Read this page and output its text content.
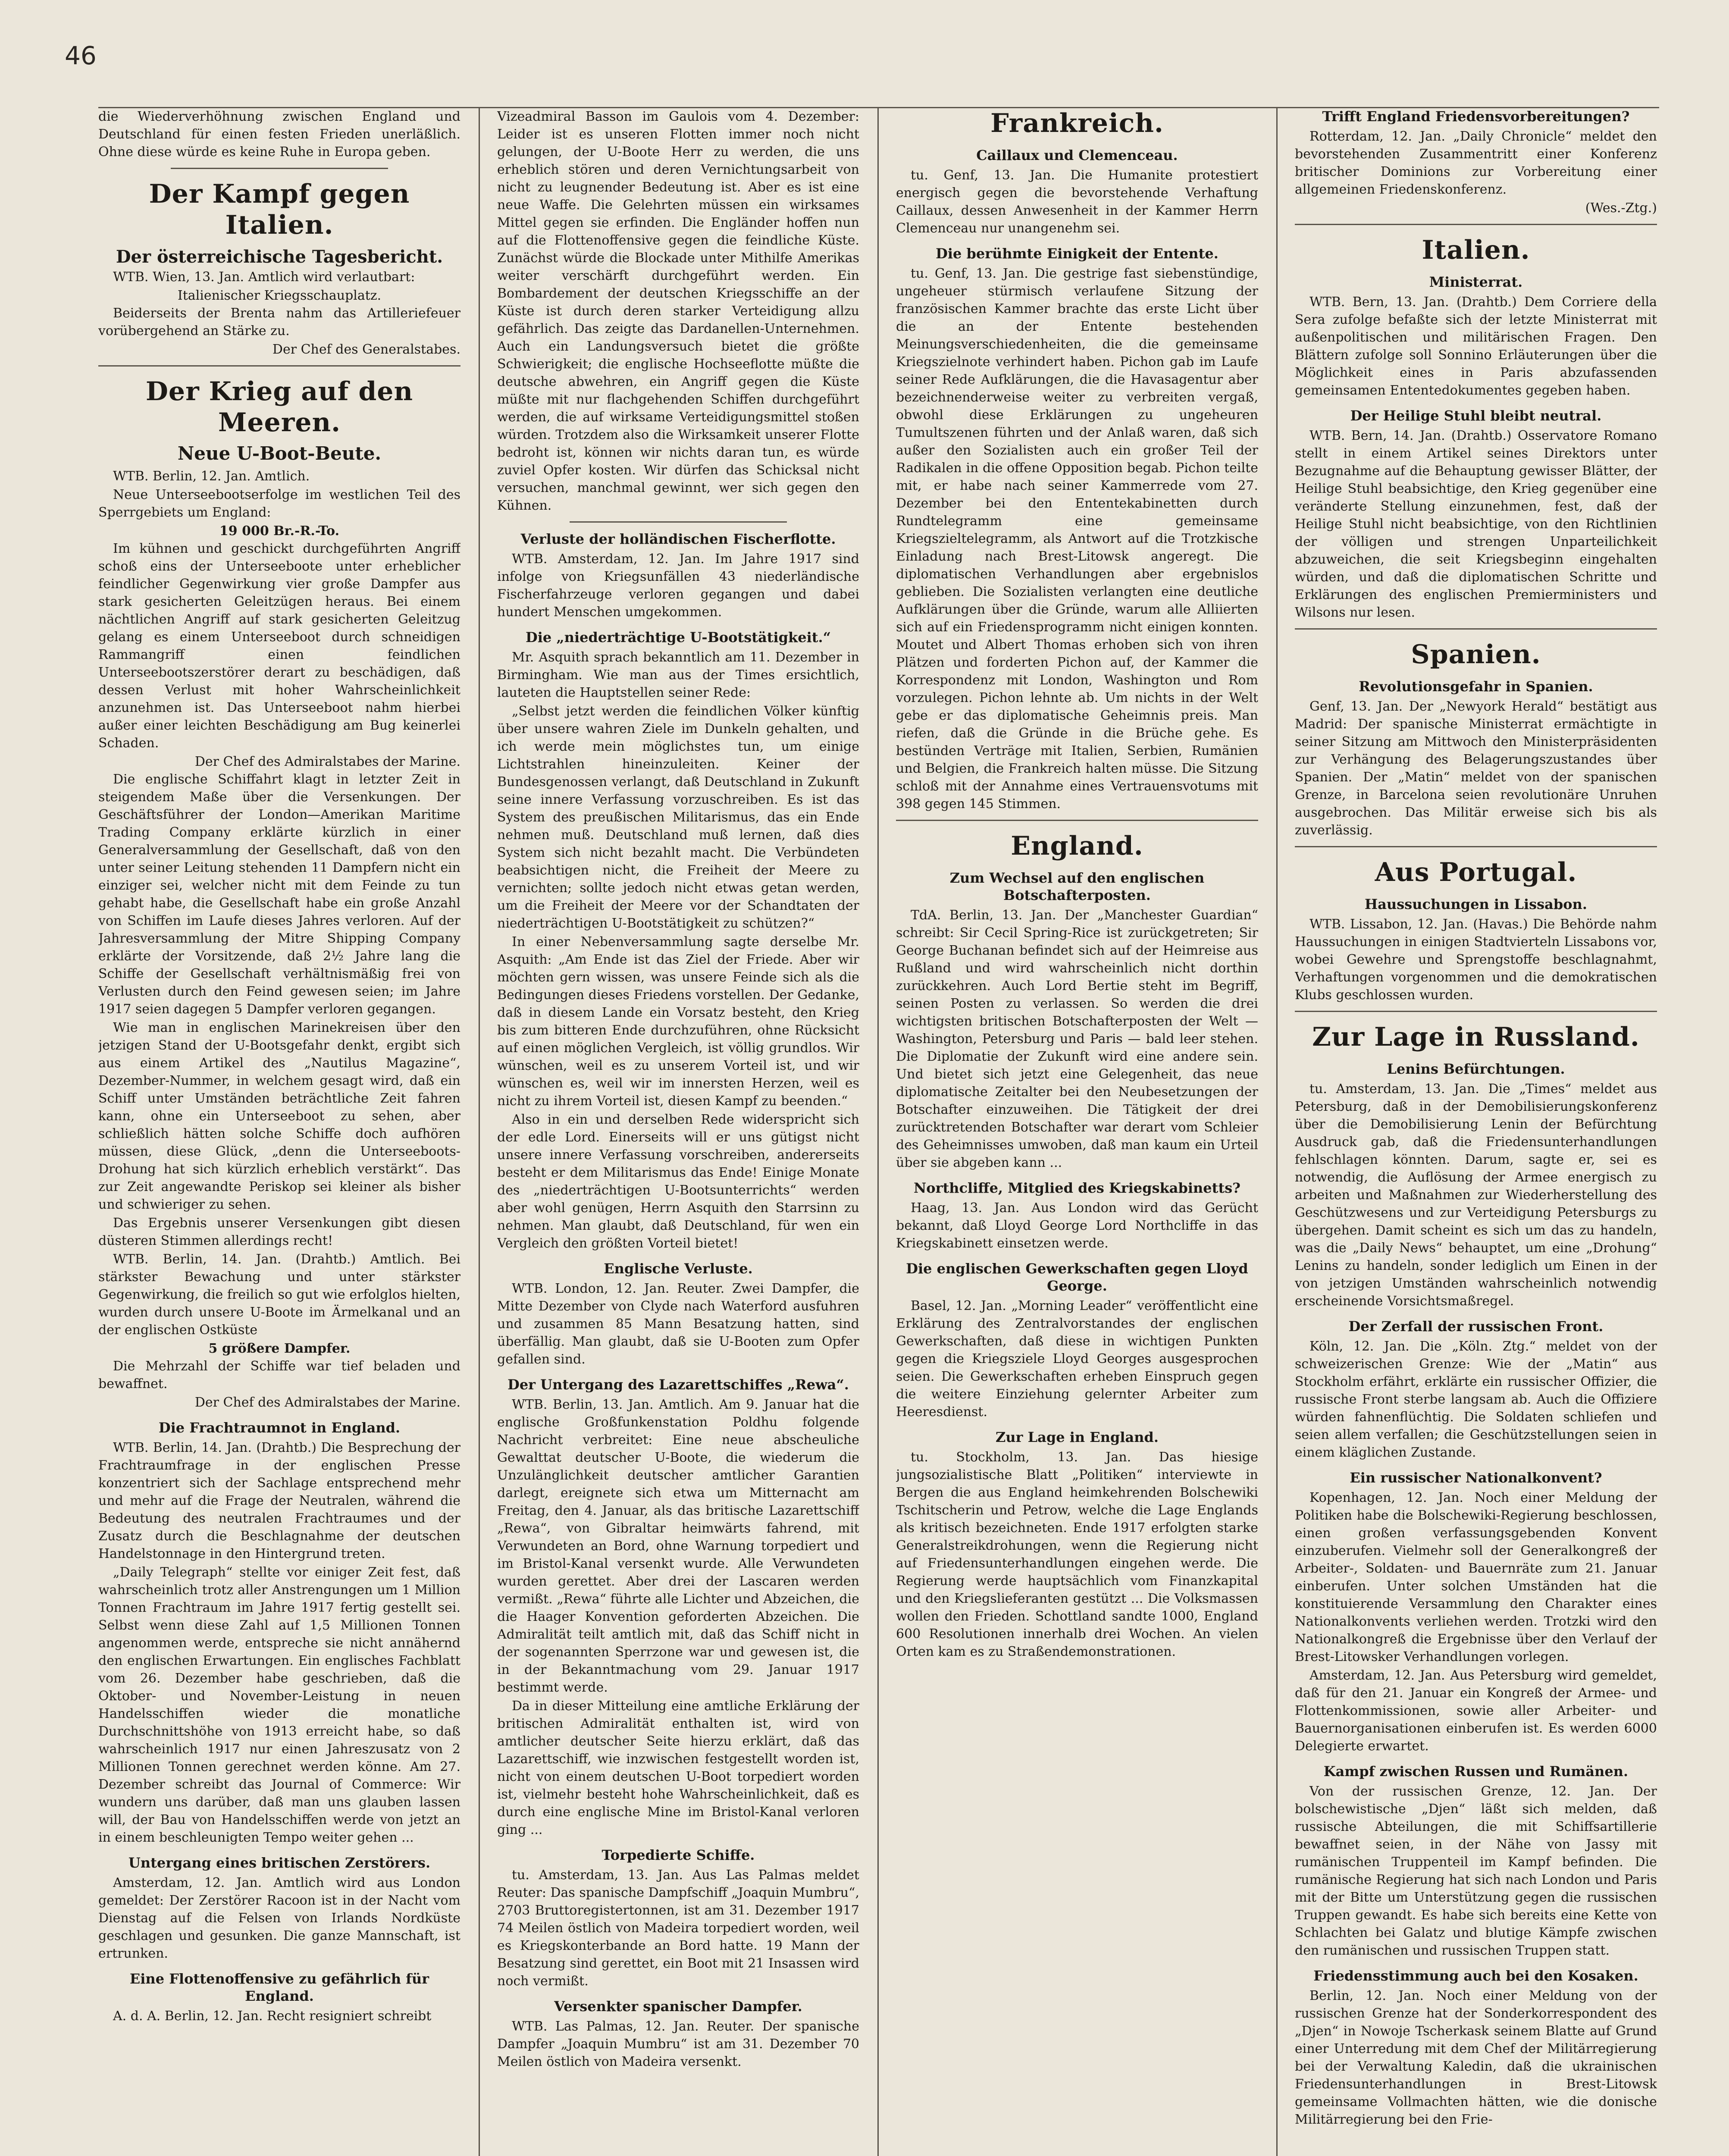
46

die Wiederverhöhnung zwischen England und Deutschland für einen festen Frieden unerläßlich. Ohne diese würde es keine Ruhe in Europa geben.

Der Kampf gegen Italien.
Der österreichische Tagesbericht.

WTB. Wien, 13. Jan. Amtlich wird verlautbart:

Italienischer Kriegsschauplatz.

Beiderseits der Brenta nahm das Artilleriefeuer vorübergehend an Stärke zu.

Der Chef des Generalstabes.
Der Krieg auf den Meeren.
Neue U-Boot-Beute.

WTB. Berlin, 12. Jan. Amtlich.

Neue Unterseebootserfolge im westlichen Teil des Sperrgebiets um England:

19 000 Br.-R.-To.

Im kühnen und geschickt durchgeführten Angriff schoß eins der Unterseeboote unter erheblicher feindlicher Gegenwirkung vier große Dampfer aus stark gesicherten Geleitzügen heraus. Bei einem nächtlichen Angriff auf stark gesicherten Geleitzug gelang es einem Unterseeboot durch schneidigen Rammangriff einen feindlichen Unterseebootszerstörer derart zu beschädigen, daß dessen Verlust mit hoher Wahrscheinlichkeit anzunehmen ist. Das Unterseeboot nahm hierbei außer einer leichten Beschädigung am Bug keinerlei Schaden.

Der Chef des Admiralstabes der Marine.

Die englische Schiffahrt klagt in letzter Zeit in steigendem Maße über die Versenkungen. Der Geschäftsführer der London—Amerikan Maritime Trading Company erklärte kürzlich in einer Generalversammlung der Gesellschaft, daß von den unter seiner Leitung stehenden 11 Dampfern nicht ein einziger sei, welcher nicht mit dem Feinde zu tun gehabt habe, die Gesellschaft habe ein große Anzahl von Schiffen im Laufe dieses Jahres verloren. Auf der Jahresversammlung der Mitre Shipping Company erklärte der Vorsitzende, daß 2½ Jahre lang die Schiffe der Gesellschaft verhältnismäßig frei von Verlusten durch den Feind gewesen seien; im Jahre 1917 seien dagegen 5 Dampfer verloren gegangen.

Wie man in englischen Marinekreisen über den jetzigen Stand der U-Bootsgefahr denkt, ergibt sich aus einem Artikel des „Nautilus Magazine“, Dezember-Nummer, in welchem gesagt wird, daß ein Schiff unter Umständen beträchtliche Zeit fahren kann, ohne ein Unterseeboot zu sehen, aber schließlich hätten solche Schiffe doch aufhören müssen, diese Glück, „denn die Unterseeboots-Drohung hat sich kürzlich erheblich verstärkt“. Das zur Zeit angewandte Periskop sei kleiner als bisher und schwieriger zu sehen.

Das Ergebnis unserer Versenkungen gibt diesen düsteren Stimmen allerdings recht!

WTB. Berlin, 14. Jan. (Drahtb.) Amtlich. Bei stärkster Bewachung und unter stärkster Gegenwirkung, die freilich so gut wie erfolglos hielten, wurden durch unsere U-Boote im Ärmelkanal und an der englischen Ostküste

5 größere Dampfer.

Die Mehrzahl der Schiffe war tief beladen und bewaffnet.

Der Chef des Admiralstabes der Marine.
Die Frachtraumnot in England.

WTB. Berlin, 14. Jan. (Drahtb.) Die Besprechung der Frachtraumfrage in der englischen Presse konzentriert sich der Sachlage entsprechend mehr und mehr auf die Frage der Neutralen, während die Bedeutung des neutralen Frachtraumes und der Zusatz durch die Beschlagnahme der deutschen Handelstonnage in den Hintergrund treten.

„Daily Telegraph“ stellte vor einiger Zeit fest, daß wahrscheinlich trotz aller Anstrengungen um 1 Million Tonnen Frachtraum im Jahre 1917 fertig gestellt sei. Selbst wenn diese Zahl auf 1,5 Millionen Tonnen angenommen werde, entspreche sie nicht annähernd den englischen Erwartungen. Ein englisches Fachblatt vom 26. Dezember habe geschrieben, daß die Oktober- und November-Leistung in neuen Handelsschiffen wieder die monatliche Durchschnittshöhe von 1913 erreicht habe, so daß wahrscheinlich 1917 nur einen Jahreszusatz von 2 Millionen Tonnen gerechnet werden könne. Am 27. Dezember schreibt das Journal of Commerce: Wir wundern uns darüber, daß man uns glauben lassen will, der Bau von Handelsschiffen werde von jetzt an in einem beschleunigten Tempo weiter gehen ...

Untergang eines britischen Zerstörers.

Amsterdam, 12. Jan. Amtlich wird aus London gemeldet: Der Zerstörer Racoon ist in der Nacht vom Dienstag auf die Felsen von Irlands Nordküste geschlagen und gesunken. Die ganze Mannschaft, ist ertrunken.

Eine Flottenoffensive zu gefährlich für England.

A. d. A. Berlin, 12. Jan. Recht resigniert schreibt

Vizeadmiral Basson im Gaulois vom 4. Dezember: Leider ist es unseren Flotten immer noch nicht gelungen, der U-Boote Herr zu werden, die uns erheblich stören und deren Vernichtungsarbeit von nicht zu leugnender Bedeutung ist. Aber es ist eine neue Waffe. Die Gelehrten müssen ein wirksames Mittel gegen sie erfinden. Die Engländer hoffen nun auf die Flottenoffensive gegen die feindliche Küste. Zunächst würde die Blockade unter Mithilfe Amerikas weiter verschärft durchgeführt werden. Ein Bombardement der deutschen Kriegsschiffe an der Küste ist durch deren starker Verteidigung allzu gefährlich. Das zeigte das Dardanellen-Unternehmen. Auch ein Landungsversuch bietet die größte Schwierigkeit; die englische Hochseeflotte müßte die deutsche abwehren, ein Angriff gegen die Küste müßte mit nur flachgehenden Schiffen durchgeführt werden, die auf wirksame Verteidigungsmittel stoßen würden. Trotzdem also die Wirksamkeit unserer Flotte bedroht ist, können wir nichts daran tun, es würde zuviel Opfer kosten. Wir dürfen das Schicksal nicht versuchen, manchmal gewinnt, wer sich gegen den Kühnen.

Verluste der holländischen Fischerflotte.

WTB. Amsterdam, 12. Jan. Im Jahre 1917 sind infolge von Kriegsunfällen 43 niederländische Fischerfahrzeuge verloren gegangen und dabei hundert Menschen umgekommen.

Die „niederträchtige U-Bootstätigkeit.“

Mr. Asquith sprach bekanntlich am 11. Dezember in Birmingham. Wie man aus der Times ersichtlich, lauteten die Hauptstellen seiner Rede:

„Selbst jetzt werden die feindlichen Völker künftig über unsere wahren Ziele im Dunkeln gehalten, und ich werde mein möglichstes tun, um einige Lichtstrahlen hineinzuleiten. Keiner der Bundesgenossen verlangt, daß Deutschland in Zukunft seine innere Verfassung vorzuschreiben. Es ist das System des preußischen Militarismus, das ein Ende nehmen muß. Deutschland muß lernen, daß dies System sich nicht bezahlt macht. Die Verbündeten beabsichtigen nicht, die Freiheit der Meere zu vernichten; sollte jedoch nicht etwas getan werden, um die Freiheit der Meere vor der Schandtaten der niederträchtigen U-Bootstätigkeit zu schützen?“

In einer Nebenversammlung sagte derselbe Mr. Asquith: „Am Ende ist das Ziel der Friede. Aber wir möchten gern wissen, was unsere Feinde sich als die Bedingungen dieses Friedens vorstellen. Der Gedanke, daß in diesem Lande ein Vorsatz besteht, den Krieg bis zum bitteren Ende durchzuführen, ohne Rücksicht auf einen möglichen Vergleich, ist völlig grundlos. Wir wünschen, weil es zu unserem Vorteil ist, und wir wünschen es, weil wir im innersten Herzen, weil es nicht zu ihrem Vorteil ist, diesen Kampf zu beenden.“

Also in ein und derselben Rede widerspricht sich der edle Lord. Einerseits will er uns gütigst nicht unsere innere Verfassung vorschreiben, andererseits besteht er dem Militarismus das Ende! Einige Monate des „niederträchtigen U-Bootsunterrichts“ werden aber wohl genügen, Herrn Asquith den Starrsinn zu nehmen. Man glaubt, daß Deutschland, für wen ein Vergleich den größten Vorteil bietet!

Englische Verluste.

WTB. London, 12. Jan. Reuter. Zwei Dampfer, die Mitte Dezember von Clyde nach Waterford ausfuhren und zusammen 85 Mann Besatzung hatten, sind überfällig. Man glaubt, daß sie U-Booten zum Opfer gefallen sind.

Der Untergang des Lazarettschiffes „Rewa“.

WTB. Berlin, 13. Jan. Amtlich. Am 9. Januar hat die englische Großfunkenstation Poldhu folgende Nachricht verbreitet: Eine neue abscheuliche Gewalttat deutscher U-Boote, die wiederum die Unzulänglichkeit deutscher amtlicher Garantien darlegt, ereignete sich etwa um Mitternacht am Freitag, den 4. Januar, als das britische Lazarettschiff „Rewa“, von Gibraltar heimwärts fahrend, mit Verwundeten an Bord, ohne Warnung torpediert und im Bristol-Kanal versenkt wurde. Alle Verwundeten wurden gerettet. Aber drei der Lascaren werden vermißt. „Rewa“ führte alle Lichter und Abzeichen, die die Haager Konvention geforderten Abzeichen. Die Admiralität teilt amtlich mit, daß das Schiff nicht in der sogenannten Sperrzone war und gewesen ist, die in der Bekanntmachung vom 29. Januar 1917 bestimmt werde.

Da in dieser Mitteilung eine amtliche Erklärung der britischen Admiralität enthalten ist, wird von amtlicher deutscher Seite hierzu erklärt, daß das Lazarettschiff, wie inzwischen festgestellt worden ist, nicht von einem deutschen U-Boot torpediert worden ist, vielmehr besteht hohe Wahrscheinlichkeit, daß es durch eine englische Mine im Bristol-Kanal verloren ging ...

Torpedierte Schiffe.

tu. Amsterdam, 13. Jan. Aus Las Palmas meldet Reuter: Das spanische Dampfschiff „Joaquin Mumbru“, 2703 Bruttoregistertonnen, ist am 31. Dezember 1917 74 Meilen östlich von Madeira torpediert worden, weil es Kriegskonterbande an Bord hatte. 19 Mann der Besatzung sind gerettet, ein Boot mit 21 Insassen wird noch vermißt.

Versenkter spanischer Dampfer.

WTB. Las Palmas, 12. Jan. Reuter. Der spanische Dampfer „Joaquin Mumbru“ ist am 31. Dezember 70 Meilen östlich von Madeira versenkt.

Frankreich.
Caillaux und Clemenceau.

tu. Genf, 13. Jan. Die Humanite protestiert energisch gegen die bevorstehende Verhaftung Caillaux, dessen Anwesenheit in der Kammer Herrn Clemenceau nur unangenehm sei.

Die berühmte Einigkeit der Entente.

tu. Genf, 13. Jan. Die gestrige fast siebenstündige, ungeheuer stürmisch verlaufene Sitzung der französischen Kammer brachte das erste Licht über die an der Entente bestehenden Meinungsverschiedenheiten, die die gemeinsame Kriegszielnote verhindert haben. Pichon gab im Laufe seiner Rede Aufklärungen, die die Havasagentur aber bezeichnenderweise weiter zu verbreiten vergaß, obwohl diese Erklärungen zu ungeheuren Tumultszenen führten und der Anlaß waren, daß sich außer den Sozialisten auch ein großer Teil der Radikalen in die offene Opposition begab. Pichon teilte mit, er habe nach seiner Kammerrede vom 27. Dezember bei den Ententekabinetten durch Rundtelegramm eine gemeinsame Kriegszieltelegramm, als Antwort auf die Trotzkische Einladung nach Brest-Litowsk angeregt. Die diplomatischen Verhandlungen aber ergebnislos geblieben. Die Sozialisten verlangten eine deutliche Aufklärungen über die Gründe, warum alle Alliierten sich auf ein Friedensprogramm nicht einigen konnten. Moutet und Albert Thomas erhoben sich von ihren Plätzen und forderten Pichon auf, der Kammer die Korrespondenz mit London, Washington und Rom vorzulegen. Pichon lehnte ab. Um nichts in der Welt gebe er das diplomatische Geheimnis preis. Man riefen, daß die Gründe in die Brüche gehe. Es bestünden Verträge mit Italien, Serbien, Rumänien und Belgien, die Frankreich halten müsse. Die Sitzung schloß mit der Annahme eines Vertrauensvotums mit 398 gegen 145 Stimmen.

England.
Zum Wechsel auf den englischen Botschafterposten.

TdA. Berlin, 13. Jan. Der „Manchester Guardian“ schreibt: Sir Cecil Spring-Rice ist zurückgetreten; Sir George Buchanan befindet sich auf der Heimreise aus Rußland und wird wahrscheinlich nicht dorthin zurückkehren. Auch Lord Bertie steht im Begriff, seinen Posten zu verlassen. So werden die drei wichtigsten britischen Botschafterposten der Welt — Washington, Petersburg und Paris — bald leer stehen. Die Diplomatie der Zukunft wird eine andere sein. Und bietet sich jetzt eine Gelegenheit, das neue diplomatische Zeitalter bei den Neubesetzungen der Botschafter einzuweihen. Die Tätigkeit der drei zurücktretenden Botschafter war derart vom Schleier des Geheimnisses umwoben, daß man kaum ein Urteil über sie abgeben kann ...

Northcliffe, Mitglied des Kriegskabinetts?

Haag, 13. Jan. Aus London wird das Gerücht bekannt, daß Lloyd George Lord Northcliffe in das Kriegskabinett einsetzen werde.

Die englischen Gewerkschaften gegen Lloyd George.

Basel, 12. Jan. „Morning Leader“ veröffentlicht eine Erklärung des Zentralvorstandes der englischen Gewerkschaften, daß diese in wichtigen Punkten gegen die Kriegsziele Lloyd Georges ausgesprochen seien. Die Gewerkschaften erheben Einspruch gegen die weitere Einziehung gelernter Arbeiter zum Heeresdienst.

Zur Lage in England.

tu. Stockholm, 13. Jan. Das hiesige jungsozialistische Blatt „Politiken“ interviewte in Bergen die aus England heimkehrenden Bolschewiki Tschitscherin und Petrow, welche die Lage Englands als kritisch bezeichneten. Ende 1917 erfolgten starke Generalstreikdrohungen, wenn die Regierung nicht auf Friedensunterhandlungen eingehen werde. Die Regierung werde hauptsächlich vom Finanzkapital und den Kriegslieferanten gestützt ... Die Volksmassen wollen den Frieden. Schottland sandte 1000, England 600 Resolutionen innerhalb drei Wochen. An vielen Orten kam es zu Straßendemonstrationen.

Trifft England Friedensvorbereitungen?

Rotterdam, 12. Jan. „Daily Chronicle“ meldet den bevorstehenden Zusammentritt einer Konferenz britischer Dominions zur Vorbereitung einer allgemeinen Friedenskonferenz.

(Wes.-Ztg.)
Italien.
Ministerrat.

WTB. Bern, 13. Jan. (Drahtb.) Dem Corriere della Sera zufolge befaßte sich der letzte Ministerrat mit außenpolitischen und militärischen Fragen. Den Blättern zufolge soll Sonnino Erläuterungen über die Möglichkeit eines in Paris abzufassenden gemeinsamen Ententedokumentes gegeben haben.

Der Heilige Stuhl bleibt neutral.

WTB. Bern, 14. Jan. (Drahtb.) Osservatore Romano stellt in einem Artikel seines Direktors unter Bezugnahme auf die Behauptung gewisser Blätter, der Heilige Stuhl beabsichtige, den Krieg gegenüber eine veränderte Stellung einzunehmen, fest, daß der Heilige Stuhl nicht beabsichtige, von den Richtlinien der völligen und strengen Unparteilichkeit abzuweichen, die seit Kriegsbeginn eingehalten würden, und daß die diplomatischen Schritte und Erklärungen des englischen Premierministers und Wilsons nur lesen.

Spanien.
Revolutionsgefahr in Spanien.

Genf, 13. Jan. Der „Newyork Herald“ bestätigt aus Madrid: Der spanische Ministerrat ermächtigte in seiner Sitzung am Mittwoch den Ministerpräsidenten zur Verhängung des Belagerungszustandes über Spanien. Der „Matin“ meldet von der spanischen Grenze, in Barcelona seien revolutionäre Unruhen ausgebrochen. Das Militär erweise sich bis als zuverlässig.

Aus Portugal.
Haussuchungen in Lissabon.

WTB. Lissabon, 12. Jan. (Havas.) Die Behörde nahm Haussuchungen in einigen Stadtvierteln Lissabons vor, wobei Gewehre und Sprengstoffe beschlagnahmt, Verhaftungen vorgenommen und die demokratischen Klubs geschlossen wurden.

Zur Lage in Russland.
Lenins Befürchtungen.

tu. Amsterdam, 13. Jan. Die „Times“ meldet aus Petersburg, daß in der Demobilisierungskonferenz über die Demobilisierung Lenin der Befürchtung Ausdruck gab, daß die Friedensunterhandlungen fehlschlagen könnten. Darum, sagte er, sei es notwendig, die Auflösung der Armee energisch zu arbeiten und Maßnahmen zur Wiederherstellung des Geschützwesens und zur Verteidigung Petersburgs zu übergehen. Damit scheint es sich um das zu handeln, was die „Daily News“ behauptet, um eine „Drohung“ Lenins zu handeln, sonder lediglich um Einen in der von jetzigen Umständen wahrscheinlich notwendig erscheinende Vorsichtsmaßregel.

Der Zerfall der russischen Front.

Köln, 12. Jan. Die „Köln. Ztg.“ meldet von der schweizerischen Grenze: Wie der „Matin“ aus Stockholm erfährt, erklärte ein russischer Offizier, die russische Front sterbe langsam ab. Auch die Offiziere würden fahnenflüchtig. Die Soldaten schliefen und seien allem verfallen; die Geschützstellungen seien in einem kläglichen Zustande.

Ein russischer Nationalkonvent?

Kopenhagen, 12. Jan. Noch einer Meldung der Politiken habe die Bolschewiki-Regierung beschlossen, einen großen verfassungsgebenden Konvent einzuberufen. Vielmehr soll der Generalkongreß der Arbeiter-, Soldaten- und Bauernräte zum 21. Januar einberufen. Unter solchen Umständen hat die konstituierende Versammlung den Charakter eines Nationalkonvents verliehen werden. Trotzki wird den Nationalkongreß die Ergebnisse über den Verlauf der Brest-Litowsker Verhandlungen vorlegen.

Amsterdam, 12. Jan. Aus Petersburg wird gemeldet, daß für den 21. Januar ein Kongreß der Armee- und Flottenkommissionen, sowie aller Arbeiter- und Bauernorganisationen einberufen ist. Es werden 6000 Delegierte erwartet.

Kampf zwischen Russen und Rumänen.

Von der russischen Grenze, 12. Jan. Der bolschewistische „Djen“ läßt sich melden, daß russische Abteilungen, die mit Schiffsartillerie bewaffnet seien, in der Nähe von Jassy mit rumänischen Truppenteil im Kampf befinden. Die rumänische Regierung hat sich nach London und Paris mit der Bitte um Unterstützung gegen die russischen Truppen gewandt. Es habe sich bereits eine Kette von Schlachten bei Galatz und blutige Kämpfe zwischen den rumänischen und russischen Truppen statt.

Friedensstimmung auch bei den Kosaken.

Berlin, 12. Jan. Noch einer Meldung von der russischen Grenze hat der Sonderkorrespondent des „Djen“ in Nowoje Tscherkask seinem Blatte auf Grund einer Unterredung mit dem Chef der Militärregierung bei der Verwaltung Kaledin, daß die ukrainischen Friedensunterhandlungen in Brest-Litowsk gemeinsame Vollmachten hätten, wie die donische Militärregierung bei den Frie-
